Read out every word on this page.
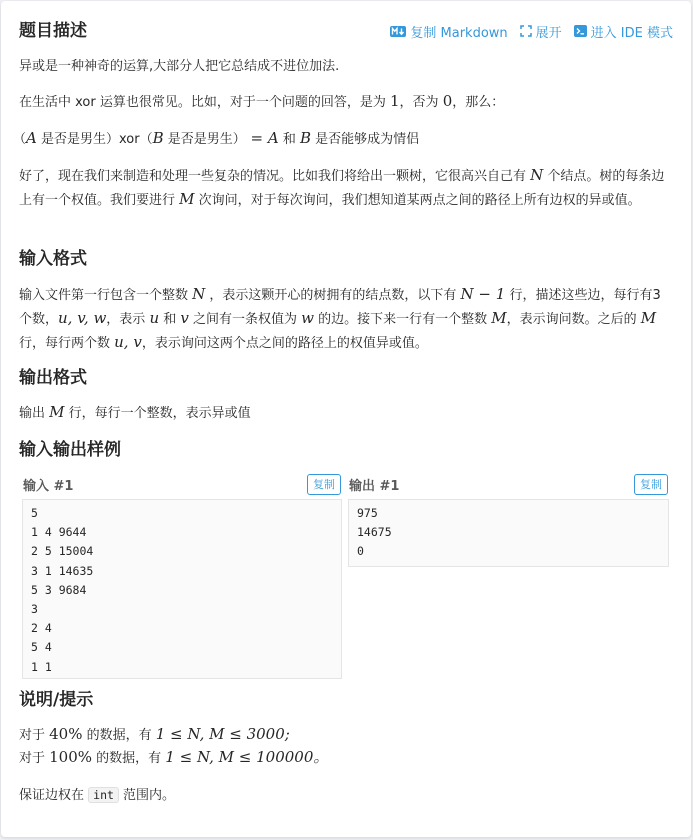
题目描述	复制 Markdown 展开 进入 IDE 模式
异或是一种神奇的运算,大部分人把它总结成不进位加法.
在生活中 xor 运算也很常见。比如，对于一个问题的回答，是为 1，否为 0，那么：
（A 是否是男生）xor（B 是否是男生） = A 和 B 是否能够成为情侣
好了，现在我们来制造和处理一些复杂的情况。比如我们将给出一颗树，它很高兴自己有 N 个结点。树的每条边上有一个权值。我们要进行 M 次询问，对于每次询问，我们想知道某两点之间的路径上所有边权的异或值。
输入格式
输入文件第一行包含一个整数 N ，表示这颗开心的树拥有的结点数，以下有 N − 1 行，描述这些边，每行有3个数，u, v, w，表示 u 和 v 之间有一条权值为 w 的边。接下来一行有一个整数 M，表示询问数。之后的 M 行，每行两个数 u, v，表示询问这两个点之间的路径上的权值异或值。
输出格式
输出 M 行，每行一个整数，表示异或值
输入输出样例
输入 #1	复制
5
1 4 9644
2 5 15004
3 1 14635
5 3 9684
3
2 4
5 4
1 1
输出 #1	复制
975
14675
0
说明/提示
对于 40% 的数据，有 1 ≤ N, M ≤ 3000;
对于 100% 的数据，有 1 ≤ N, M ≤ 100000。
保证边权在 int 范围内。
